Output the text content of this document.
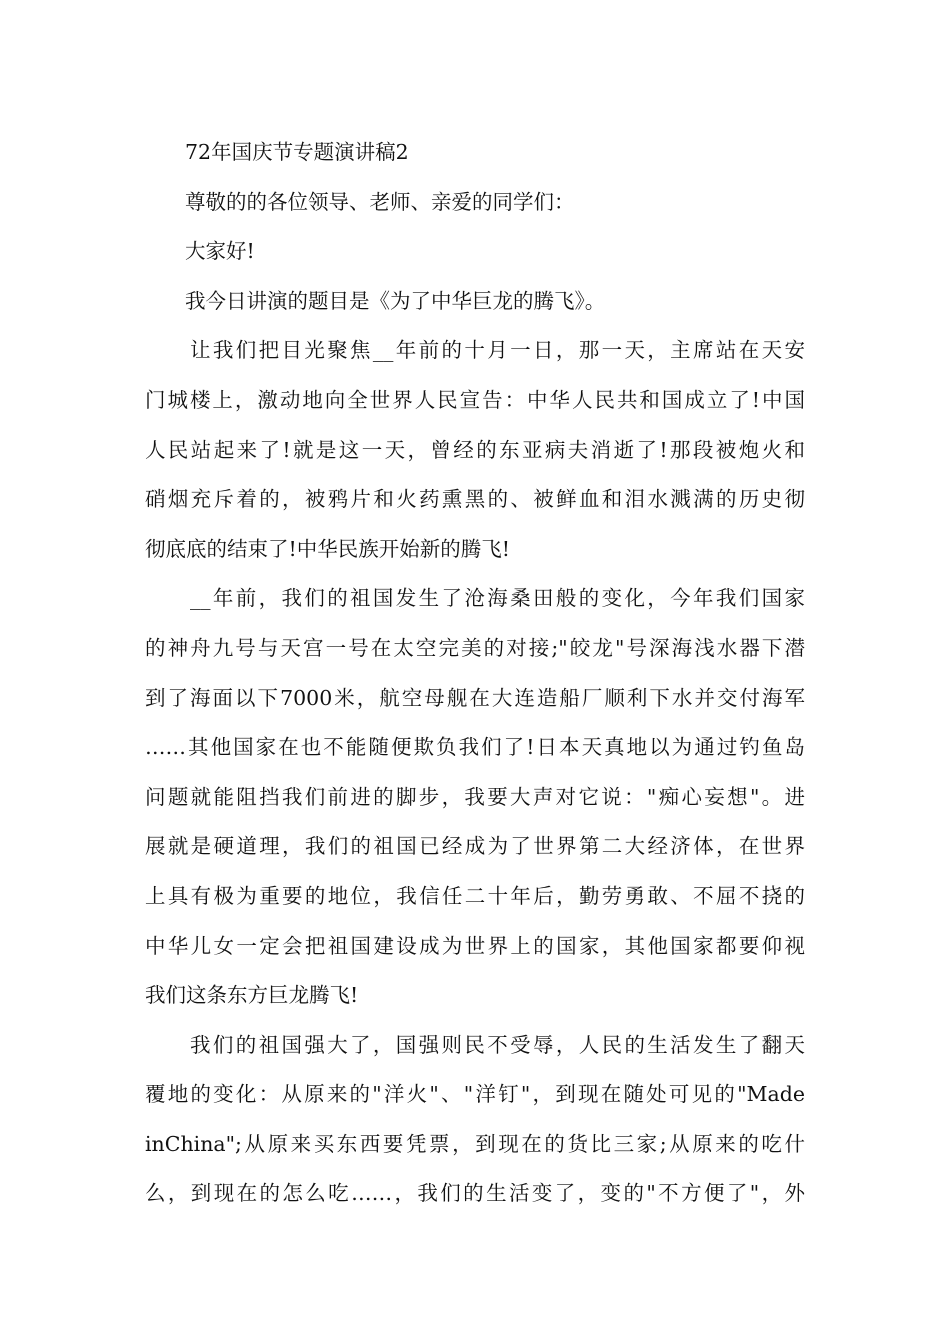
72年国庆节专题演讲稿2
尊敬的的各位领导、老师、亲爱的同学们：
大家好!
我今日讲演的题目是《为了中华巨龙的腾飞》。
让我们把目光聚焦__年前的十月一日，那一天，主席站在天安
门城楼上，激动地向全世界人民宣告：中华人民共和国成立了!中国
人民站起来了!就是这一天，曾经的东亚病夫消逝了!那段被炮火和
硝烟充斥着的，被鸦片和火药熏黑的、被鲜血和泪水溅满的历史彻
彻底底的结束了!中华民族开始新的腾飞!
__年前，我们的祖国发生了沧海桑田般的变化，今年我们国家
的神舟九号与天宫一号在太空完美的对接;"皎龙"号深海浅水器下潜
到了海面以下7000米，航空母舰在大连造船厂顺利下水并交付海军
……其他国家在也不能随便欺负我们了!日本天真地以为通过钓鱼岛
问题就能阻挡我们前进的脚步，我要大声对它说："痴心妄想"。进
展就是硬道理，我们的祖国已经成为了世界第二大经济体，在世界
上具有极为重要的地位，我信任二十年后，勤劳勇敢、不屈不挠的
中华儿女一定会把祖国建设成为世界上的国家，其他国家都要仰视
我们这条东方巨龙腾飞!
我们的祖国强大了，国强则民不受辱，人民的生活发生了翻天
覆地的变化：从原来的"洋火"、"洋钉"，到现在随处可见的"Made
inChina";从原来买东西要凭票，到现在的货比三家;从原来的吃什
么，到现在的怎么吃……，我们的生活变了，变的"不方便了"，外
